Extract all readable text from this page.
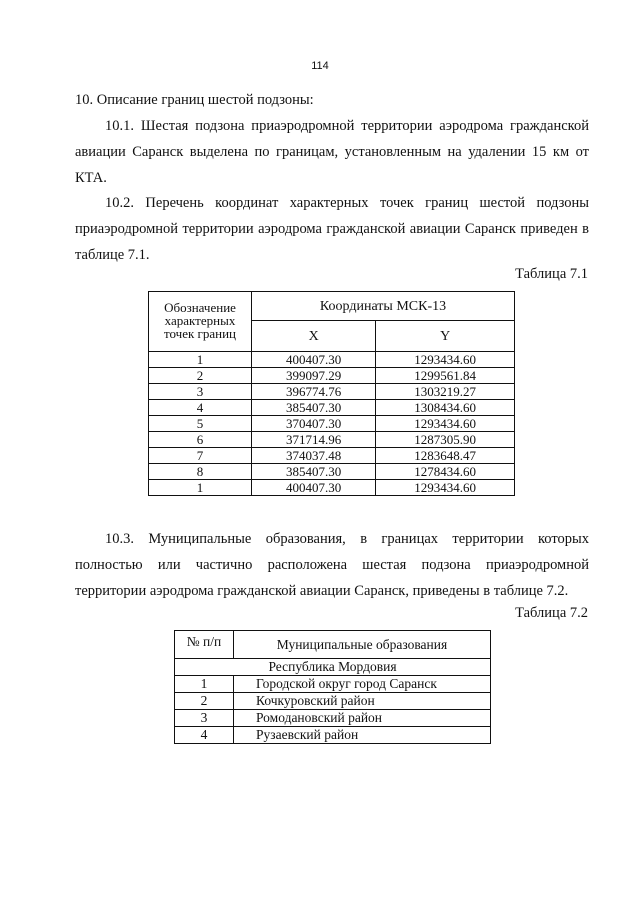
114

10. Описание границ шестой подзоны:

10.1. Шестая подзона приаэродромной территории аэродрома гражданской авиации Саранск выделена по границам, установленным на удалении 15 км от КТА.

10.2. Перечень координат характерных точек границ шестой подзоны приаэродромной территории аэродрома гражданской авиации Саранск приведен в таблице 7.1.

Таблица 7.1
Обозначение характерных точек границ	Координаты МСК-13	
	X	Y
1	400407.30	1293434.60
2	399097.29	1299561.84
3	396774.76	1303219.27
4	385407.30	1308434.60
5	370407.30	1293434.60
6	371714.96	1287305.90
7	374037.48	1283648.47
8	385407.30	1278434.60
1	400407.30	1293434.60

10.3. Муниципальные образования, в границах территории которых полностью или частично расположена шестая подзона приаэродромной территории аэродрома гражданской авиации Саранск, приведены в таблице 7.2.

Таблица 7.2
№ п/п	Муниципальные образования
Республика Мордовия	
1	Городской округ город Саранск
2	Кочкуровский район
3	Ромодановский район
4	Рузаевский район
